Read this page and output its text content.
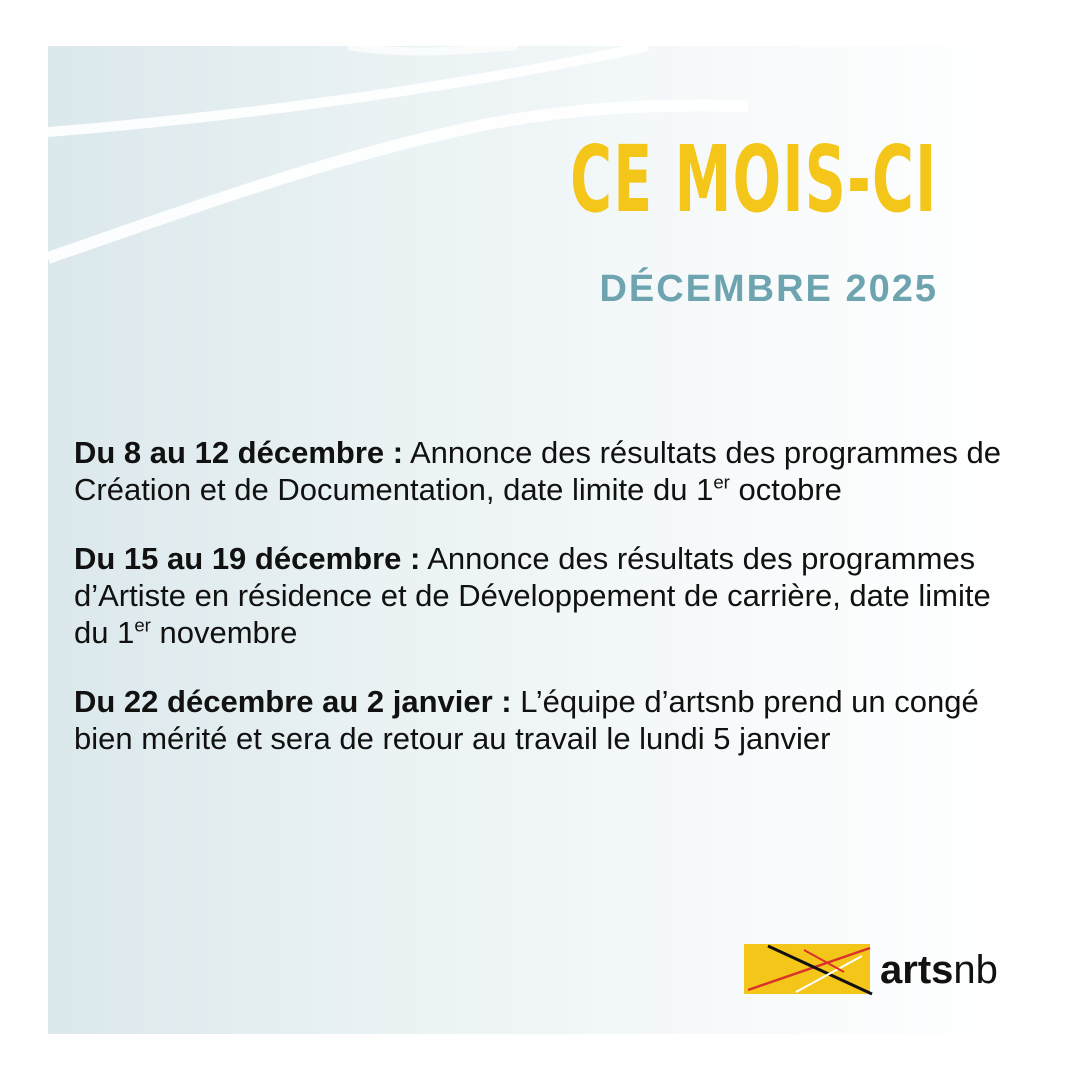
CE MOIS-CI
DÉCEMBRE 2025
Du 8 au 12 décembre : Annonce des résultats des programmes de Création et de Documentation, date limite du 1er octobre
Du 15 au 19 décembre : Annonce des résultats des programmes d’Artiste en résidence et de Développement de carrière, date limite du 1er novembre
Du 22 décembre au 2 janvier : L’équipe d’artsnb prend un congé bien mérité et sera de retour au travail le lundi 5 janvier
artsnb
